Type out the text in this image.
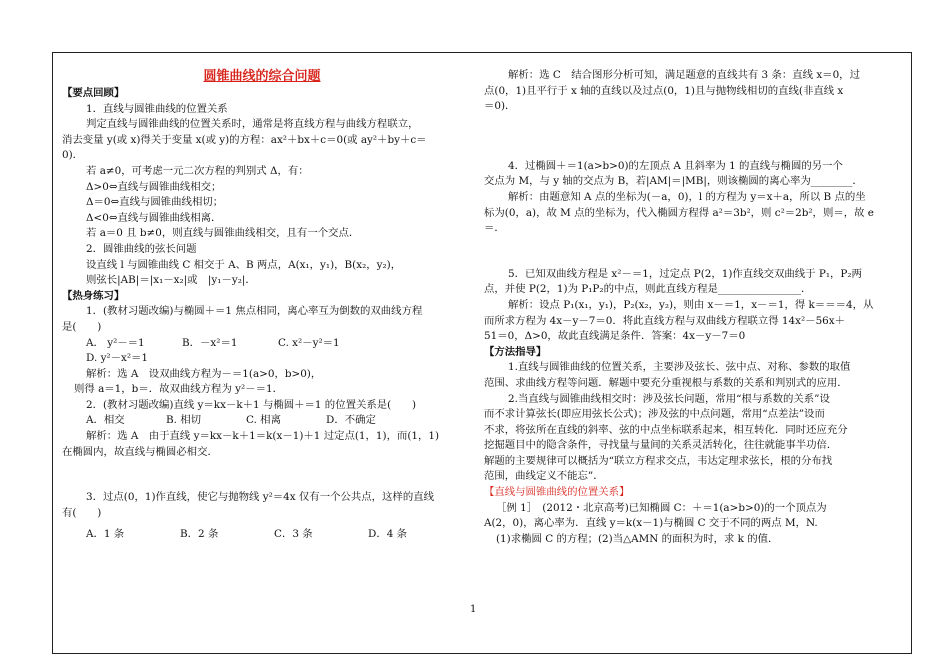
圆锥曲线的综合问题

【要点回顾】

1．直线与圆锥曲线的位置关系

判定直线与圆锥曲线的位置关系时，通常是将直线方程与曲线方程联立，

消去变量 y(或 x)得关于变量 x(或 y)的方程：ax²＋bx＋c＝0(或 ay²＋by＋c＝

0)．

若 a≠0，可考虑一元二次方程的判别式 Δ，有：

Δ>0⇔直线与圆锥曲线相交；

Δ＝0⇔直线与圆锥曲线相切；

Δ<0⇔直线与圆锥曲线相离．

若 a＝0 且 b≠0，则直线与圆锥曲线相交，且有一个交点．

2．圆锥曲线的弦长问题

设直线 l 与圆锥曲线 C 相交于 A、B 两点，A(x₁，y₁)，B(x₂，y₂)，

则弦长|AB|＝|x₁－x₂|或　|y₁－y₂|．

【热身练习】

1．(教材习题改编)与椭圆＋＝1 焦点相同，离心率互为倒数的双曲线方程

是(　　)

A． y²－＝1	B．－x²＝1	C. x²－y²＝1

D. y²－x²＝1

解析：选 A　设双曲线方程为－＝1(a>0，b>0)，

则得 a＝1，b＝．故双曲线方程为 y²－＝1．

2．(教材习题改编)直线 y＝kx－k＋1 与椭圆＋＝1 的位置关系是(　　)

A．相交	B. 相切	C. 相离	D．不确定

解析：选 A　由于直线 y＝kx－k＋1＝k(x－1)＋1 过定点(1，1)，而(1，1)

在椭圆内，故直线与椭圆必相交．

3．过点(0，1)作直线，使它与抛物线 y²＝4x 仅有一个公共点，这样的直线

有(　　)

A．1 条	B．2 条	C．3 条	D．4 条

解析：选 C　结合图形分析可知，满足题意的直线共有 3 条：直线 x＝0，过

点(0，1)且平行于 x 轴的直线以及过点(0，1)且与抛物线相切的直线(非直线 x

＝0)．

4．过椭圆＋＝1(a>b>0)的左顶点 A 且斜率为 1 的直线与椭圆的另一个

交点为 M，与 y 轴的交点为 B，若|AM|＝|MB|，则该椭圆的离心率为________．

解析：由题意知 A 点的坐标为(－a，0)，l 的方程为 y＝x＋a，所以 B 点的坐

标为(0，a)，故 M 点的坐标为，代入椭圆方程得 a²＝3b²，则 c²＝2b²，则＝，故 e

＝．

5．已知双曲线方程是 x²－＝1，过定点 P(2，1)作直线交双曲线于 P₁，P₂两

点，并使 P(2，1)为 P₁P₂的中点，则此直线方程是________________．

解析：设点 P₁(x₁，y₁)，P₂(x₂，y₂)，则由 x－＝1，x－＝1，得 k＝＝＝4，从

而所求方程为 4x－y－7＝0．将此直线方程与双曲线方程联立得 14x²－56x＋

51＝0，Δ>0，故此直线满足条件．答案：4x－y－7＝0

【方法指导】

1.直线与圆锥曲线的位置关系，主要涉及弦长、弦中点、对称、参数的取值

范围、求曲线方程等问题．解题中要充分重视根与系数的关系和判别式的应用．

2.当直线与圆锥曲线相交时：涉及弦长问题，常用“根与系数的关系”设

而不求计算弦长(即应用弦长公式)；涉及弦的中点问题，常用“点差法”设而

不求，将弦所在直线的斜率、弦的中点坐标联系起来，相互转化．同时还应充分

挖掘题目中的隐含条件，寻找量与量间的关系灵活转化，往往就能事半功倍．

解题的主要规律可以概括为“联立方程求交点，韦达定理求弦长，根的分布找

范围，曲线定义不能忘”．

【直线与圆锥曲线的位置关系】

［例 1］　(2012・北京高考)已知椭圆 C：＋＝1(a>b>0)的一个顶点为

A(2，0)，离心率为．直线 y＝k(x－1)与椭圆 C 交于不同的两点 M，N.

(1)求椭圆 C 的方程；(2)当△AMN 的面积为时，求 k 的值．

1
